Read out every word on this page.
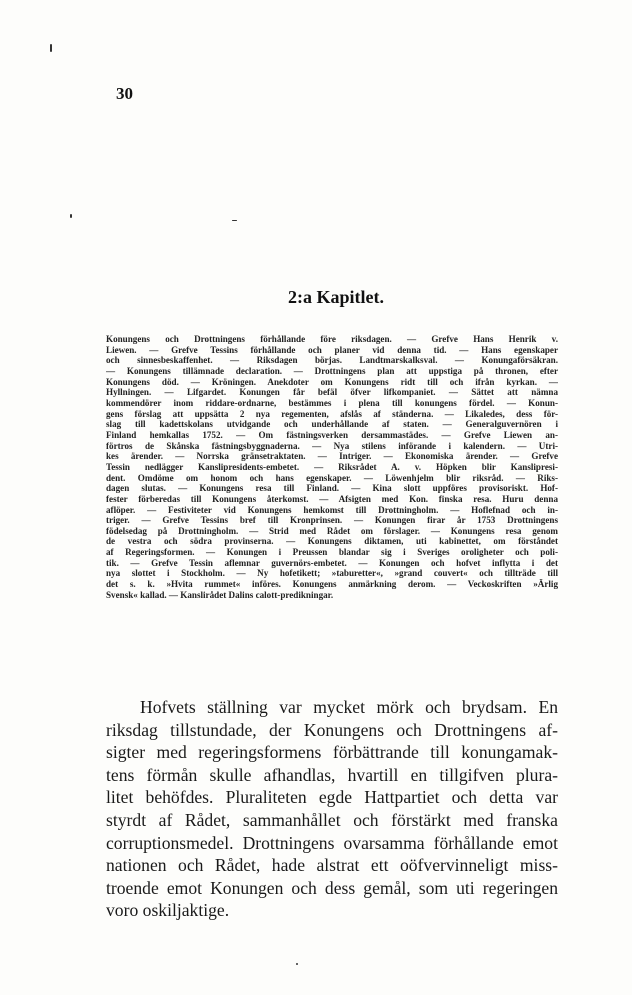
30
2:a Kapitlet.
Konungens och Drottningens förhållande före riksdagen. — Grefve Hans Henrik v.
Liewen. — Grefve Tessins förhållande och planer vid denna tid. — Hans egenskaper
och sinnesbeskaffenhet. — Riksdagen börjas. Landtmarskalksval. — Konungaförsäkran.
— Konungens tillämnade declaration. — Drottningens plan att uppstiga på thronen, efter
Konungens död. — Kröningen. Anekdoter om Konungens ridt till och ifrån kyrkan. —
Hyllningen. — Lifgardet. Konungen får befäl öfver lifkompaniet. — Sättet att nämna
kommendörer inom riddare-ordnarne, bestämmes i plena till konungens fördel. — Konun-
gens förslag att uppsätta 2 nya regementen, afslås af ständerna. — Likaledes, dess för-
slag till kadettskolans utvidgande och underhållande af staten. — Generalguvernören i
Finland hemkallas 1752. — Om fästningsverken dersammastädes. — Grefve Liewen an-
förtros de Skånska fästningsbyggnaderna. — Nya stilens införande i kalendern. — Utri-
kes ärender. — Norrska gränsetraktaten. — Intriger. — Ekonomiska ärender. — Grefve
Tessin nedlägger Kanslipresidents-embetet. — Riksrådet A. v. Höpken blir Kanslipresi-
dent. Omdöme om honom och hans egenskaper. — Löwenhjelm blir riksråd. — Riks-
dagen slutas. — Konungens resa till Finland. — Kina slott uppföres provisoriskt. Hof-
fester förberedas till Konungens återkomst. — Afsigten med Kon. finska resa. Huru denna
aflöper. — Festiviteter vid Konungens hemkomst till Drottningholm. — Hoflefnad och in-
triger. — Grefve Tessins bref till Kronprinsen. — Konungen firar år 1753 Drottningens
födelsedag på Drottningholm. — Strid med Rådet om förslager. — Konungens resa genom
de vestra och södra provinserna. — Konungens diktamen, uti kabinettet, om förståndet
af Regeringsformen. — Konungen i Preussen blandar sig i Sveriges oroligheter och poli-
tik. — Grefve Tessin aflemnar guvernörs-embetet. — Konungen och hofvet inflytta i det
nya slottet i Stockholm. — Ny hofetikett; »taburetter«, »grand couvert« och tillträde till
det s. k. »Hvita rummet« införes. Konungens anmärkning derom. — Veckoskriften »Ärlig
Svensk« kallad. — Kanslirådet Dalins calott-predikningar.
Hofvets ställning var mycket mörk och brydsam. En
riksdag tillstundade, der Konungens och Drottningens af-
sigter med regeringsformens förbättrande till konungamak-
tens förmån skulle afhandlas, hvartill en tillgifven plura-
litet behöfdes. Pluraliteten egde Hattpartiet och detta var
styrdt af Rådet, sammanhållet och förstärkt med franska
corruptionsmedel. Drottningens ovarsamma förhållande emot
nationen och Rådet, hade alstrat ett oöfvervinneligt miss-
troende emot Konungen och dess gemål, som uti regeringen
voro oskiljaktige.
